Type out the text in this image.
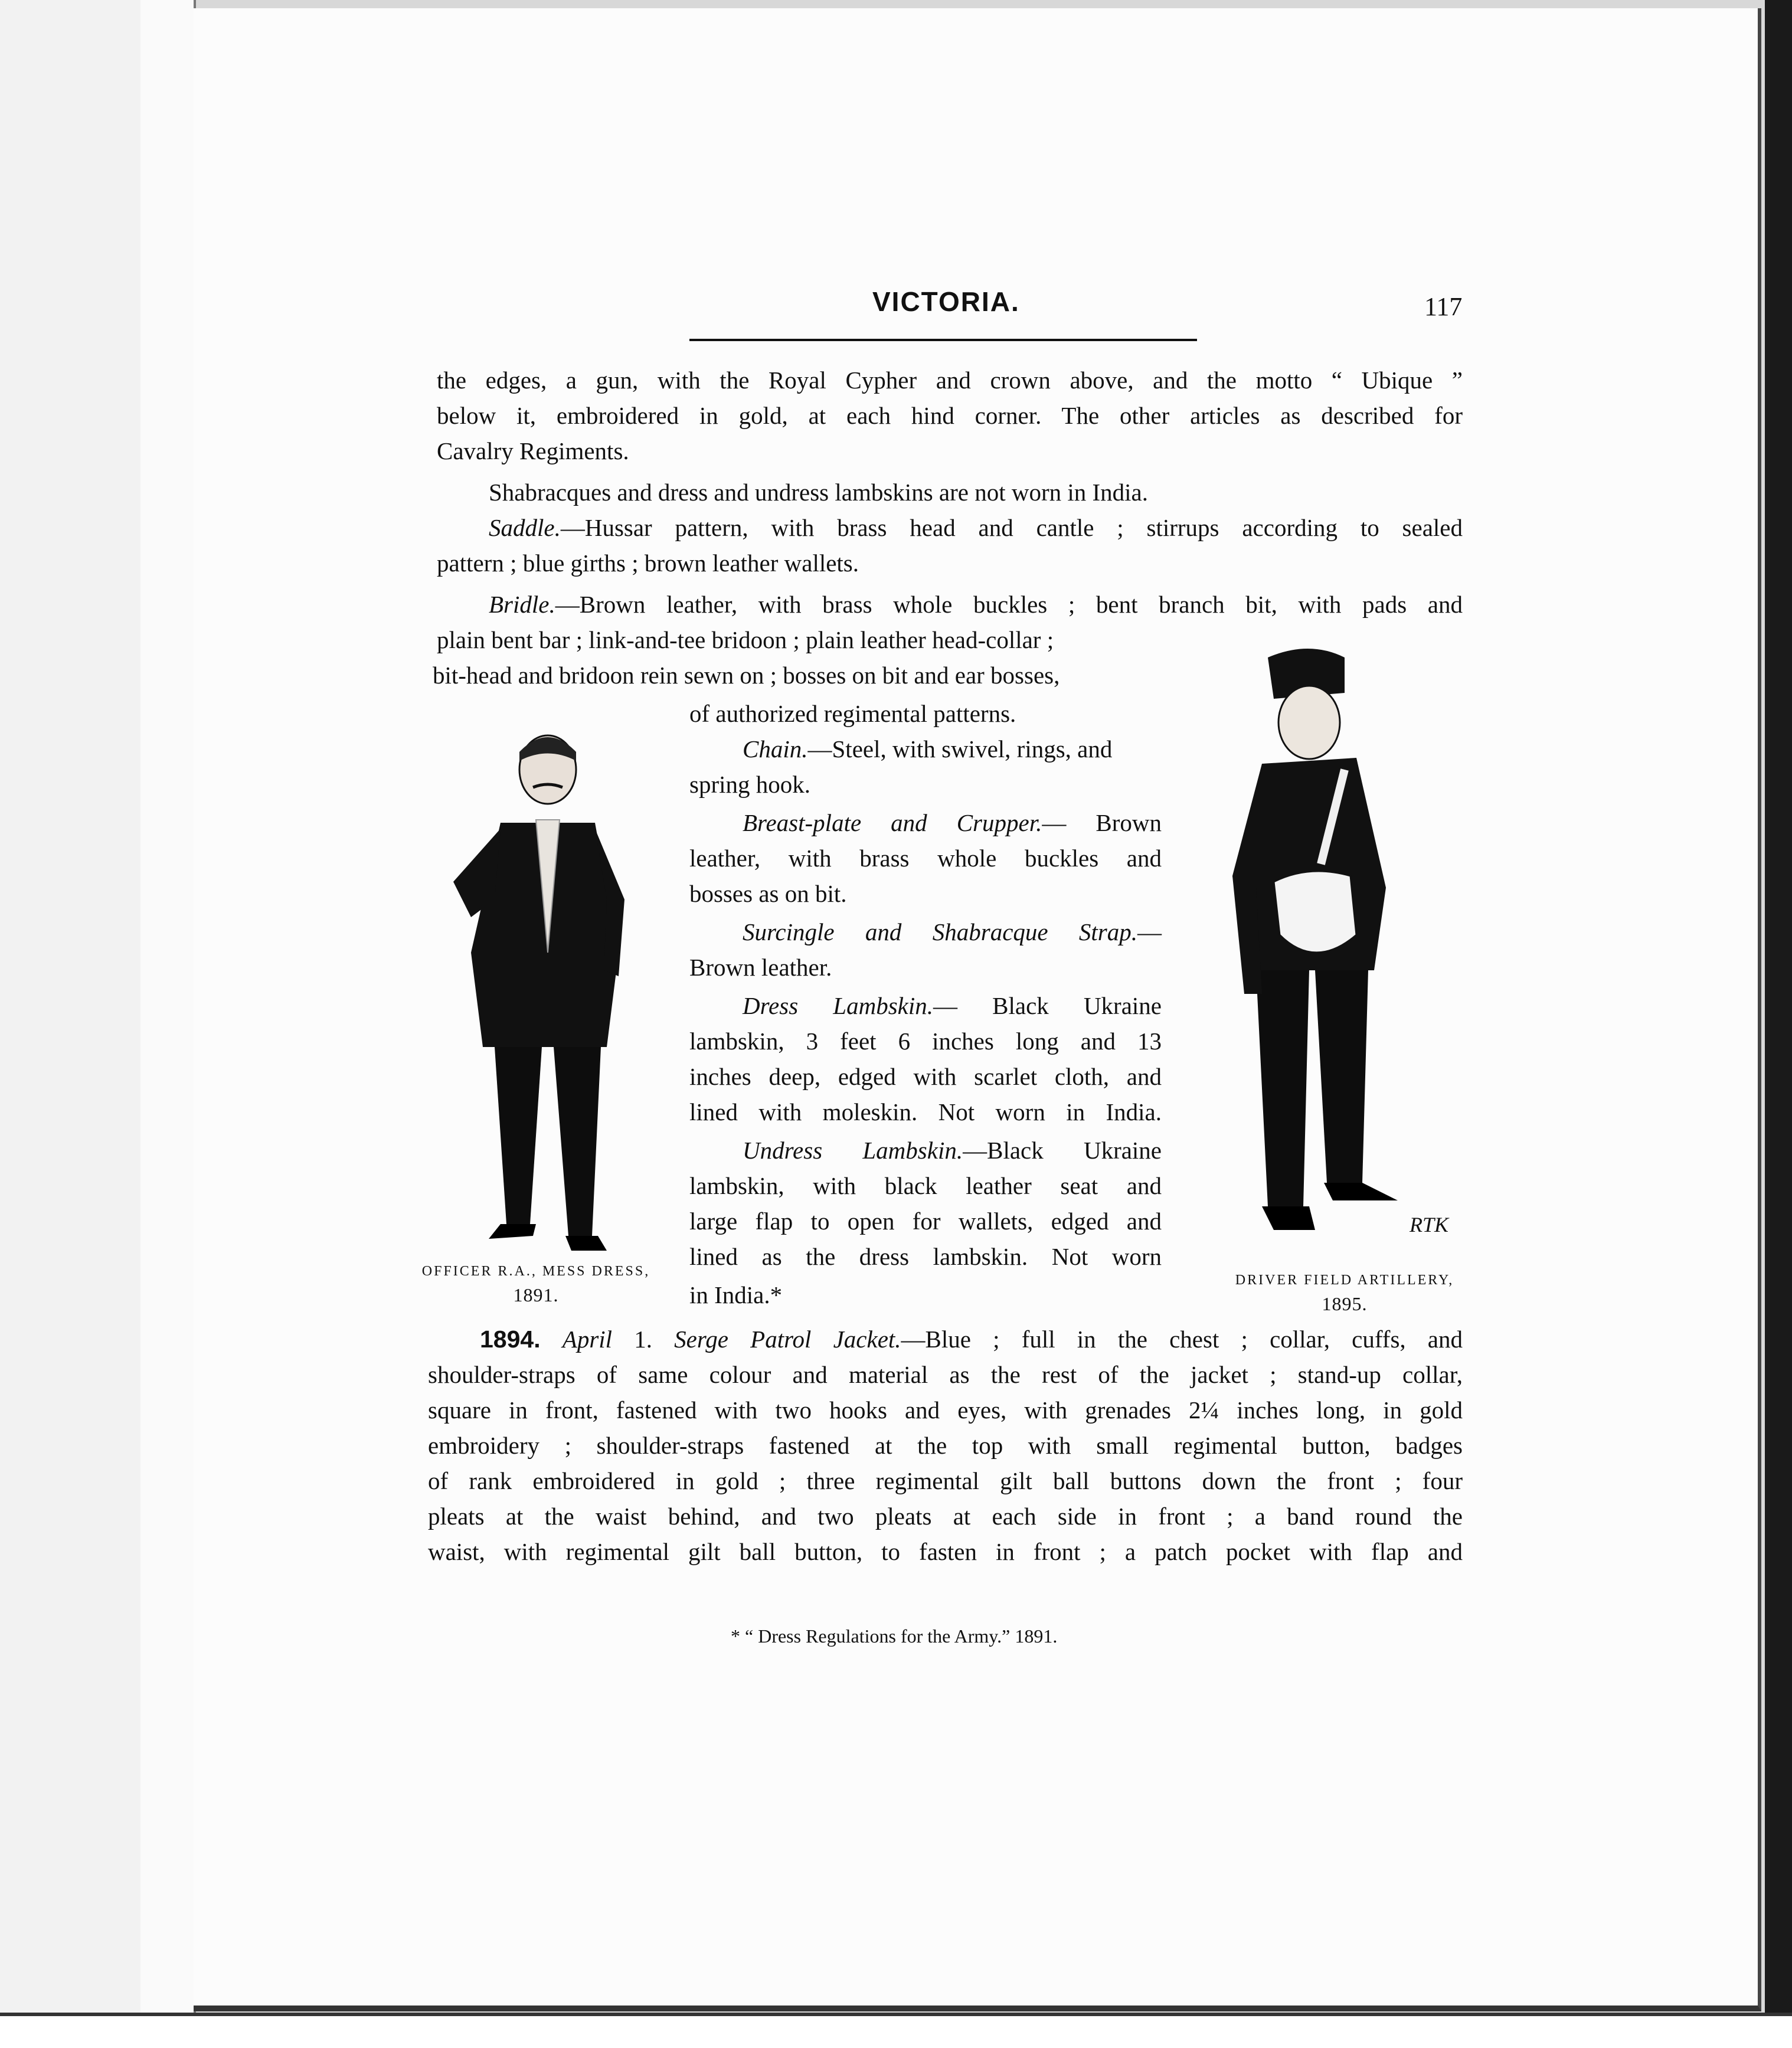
VICTORIA.	117
the edges, a gun, with the Royal Cypher and crown above, and the motto “ Ubique ”
below it, embroidered in gold, at each hind corner. The other articles as described for
Cavalry Regiments.
Shabracques and dress and undress lambskins are not worn in India.
Saddle.—Hussar pattern, with brass head and cantle ; stirrups according to sealed
pattern ; blue girths ; brown leather wallets.
Bridle.—Brown leather, with brass whole buckles ; bent branch bit, with pads and
plain bent bar ; link-and-tee bridoon ; plain leather head-collar ;
bit-head and bridoon rein sewn on ; bosses on bit and ear bosses,
of authorized regimental patterns.
Chain.—Steel, with swivel, rings, and
spring hook.
Breast-plate and Crupper.— Brown
leather, with brass whole buckles and
bosses as on bit.
Surcingle and Shabracque Strap.—
Brown leather.
Dress Lambskin.— Black Ukraine
lambskin, 3 feet 6 inches long and 13
inches deep, edged with scarlet cloth, and
lined with moleskin. Not worn in India.
Undress Lambskin.—Black Ukraine
lambskin, with black leather seat and
large flap to open for wallets, edged and
lined as the dress lambskin. Not worn
in India.*
RTK
OFFICER R.A., MESS DRESS,
1891.
DRIVER FIELD ARTILLERY,
1895.
1894. April 1. Serge Patrol Jacket.—Blue ; full in the chest ; collar, cuffs, and
shoulder-straps of same colour and material as the rest of the jacket ; stand-up collar,
square in front, fastened with two hooks and eyes, with grenades 2¼ inches long, in gold
embroidery ; shoulder-straps fastened at the top with small regimental button, badges
of rank embroidered in gold ; three regimental gilt ball buttons down the front ; four
pleats at the waist behind, and two pleats at each side in front ; a band round the
waist, with regimental gilt ball button, to fasten in front ; a patch pocket with flap and
* “ Dress Regulations for the Army.” 1891.
